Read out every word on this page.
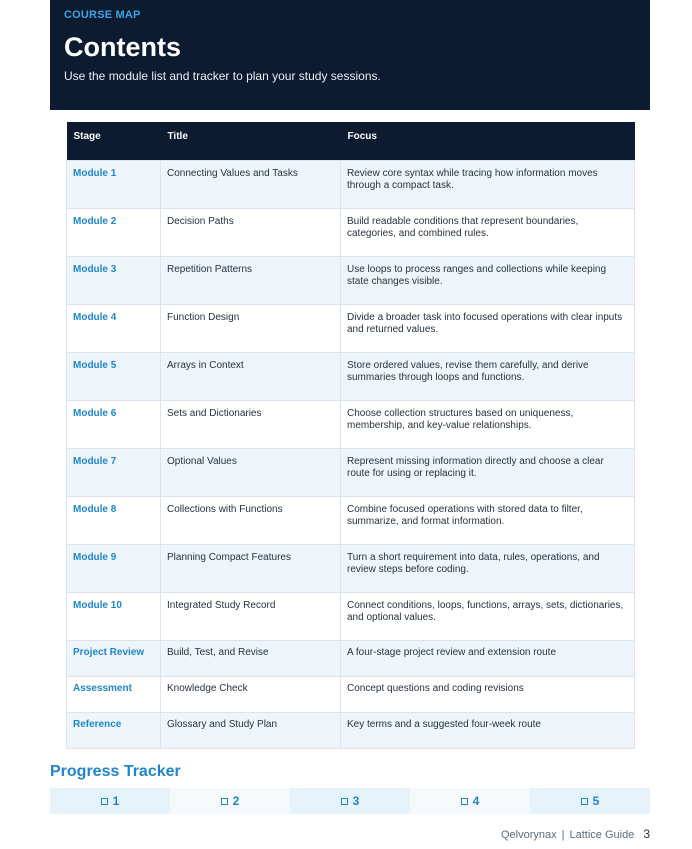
COURSE MAP
Contents
Use the module list and tracker to plan your study sessions.
Stage	Title	Focus
Module 1	Connecting Values and Tasks	Review core syntax while tracing how information moves through a compact task.
Module 2	Decision Paths	Build readable conditions that represent boundaries, categories, and combined rules.
Module 3	Repetition Patterns	Use loops to process ranges and collections while keeping state changes visible.
Module 4	Function Design	Divide a broader task into focused operations with clear inputs and returned values.
Module 5	Arrays in Context	Store ordered values, revise them carefully, and derive summaries through loops and functions.
Module 6	Sets and Dictionaries	Choose collection structures based on uniqueness, membership, and key-value relationships.
Module 7	Optional Values	Represent missing information directly and choose a clear route for using or replacing it.
Module 8	Collections with Functions	Combine focused operations with stored data to filter, summarize, and format information.
Module 9	Planning Compact Features	Turn a short requirement into data, rules, operations, and review steps before coding.
Module 10	Integrated Study Record	Connect conditions, loops, functions, arrays, sets, dictionaries, and optional values.
Project Review	Build, Test, and Revise	A four-stage project review and extension route
Assessment	Knowledge Check	Concept questions and coding revisions
Reference	Glossary and Study Plan	Key terms and a suggested four-week route
Progress Tracker
1	2	3	4	5
Qelvorynax | Lattice Guide 3
